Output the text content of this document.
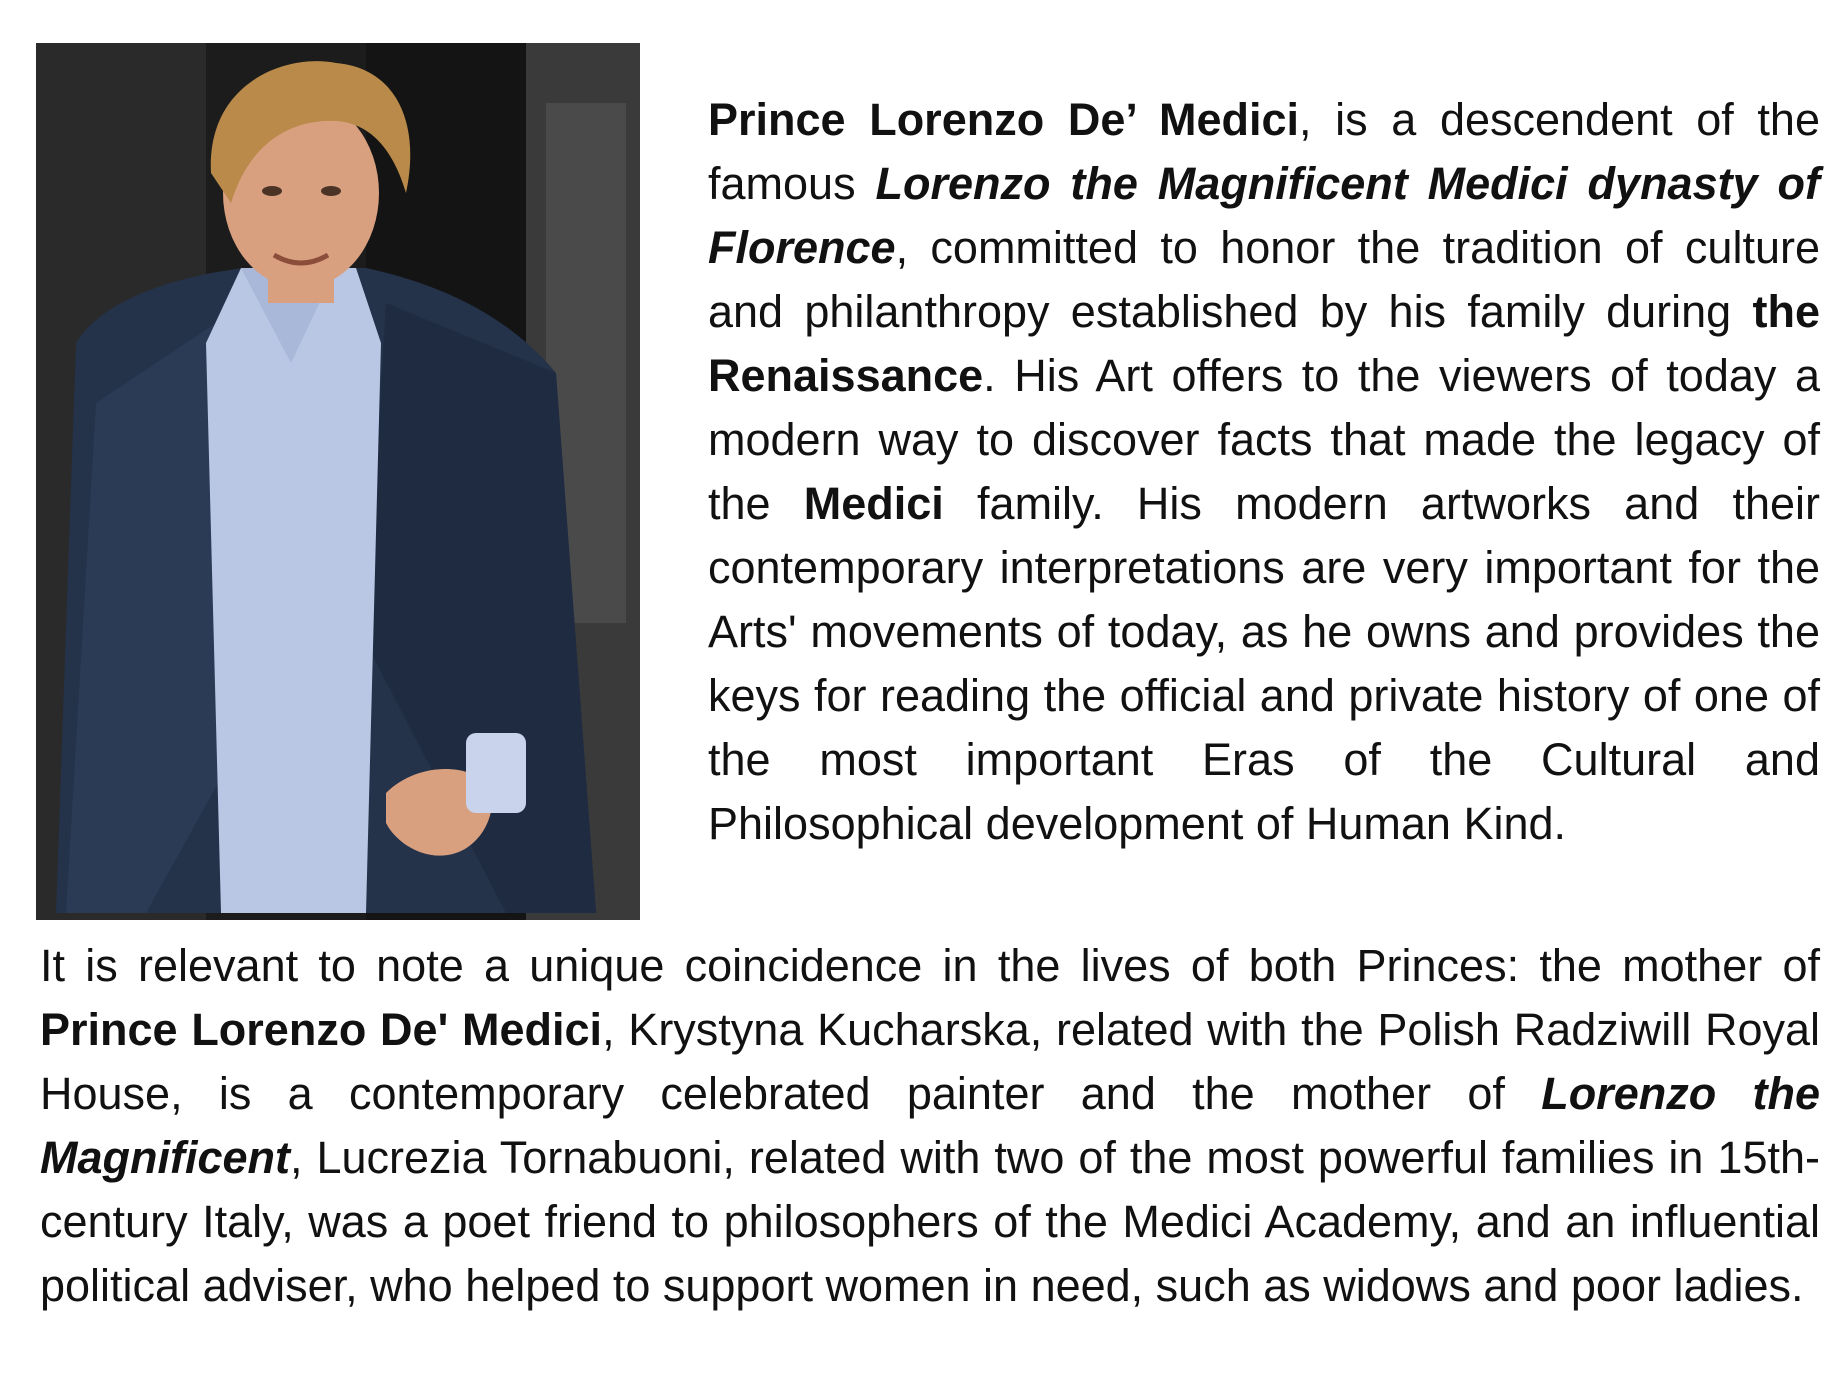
Prince Lorenzo De’ Medici, is a descendent of the famous Lorenzo the Magnificent Medici dynasty of Florence, committed to honor the tradition of culture and philanthropy established by his family during the Renaissance. His Art offers to the viewers of today a modern way to discover facts that made the legacy of the Medici family. His modern artworks and their contemporary interpretations are very important for the Arts' movements of today, as he owns and provides the keys for reading the official and private history of one of the most important Eras of the Cultural and Philosophical development of Human Kind.

It is relevant to note a unique coincidence in the lives of both Princes: the mother of Prince Lorenzo De' Medici, Krystyna Kucharska, related with the Polish Radziwill Royal House, is a contemporary celebrated painter and the mother of Lorenzo the Magnificent, Lucrezia Tornabuoni, related with two of the most powerful families in 15th-century Italy, was a poet friend to philosophers of the Medici Academy, and an influential political adviser, who helped to support women in need, such as widows and poor ladies.
